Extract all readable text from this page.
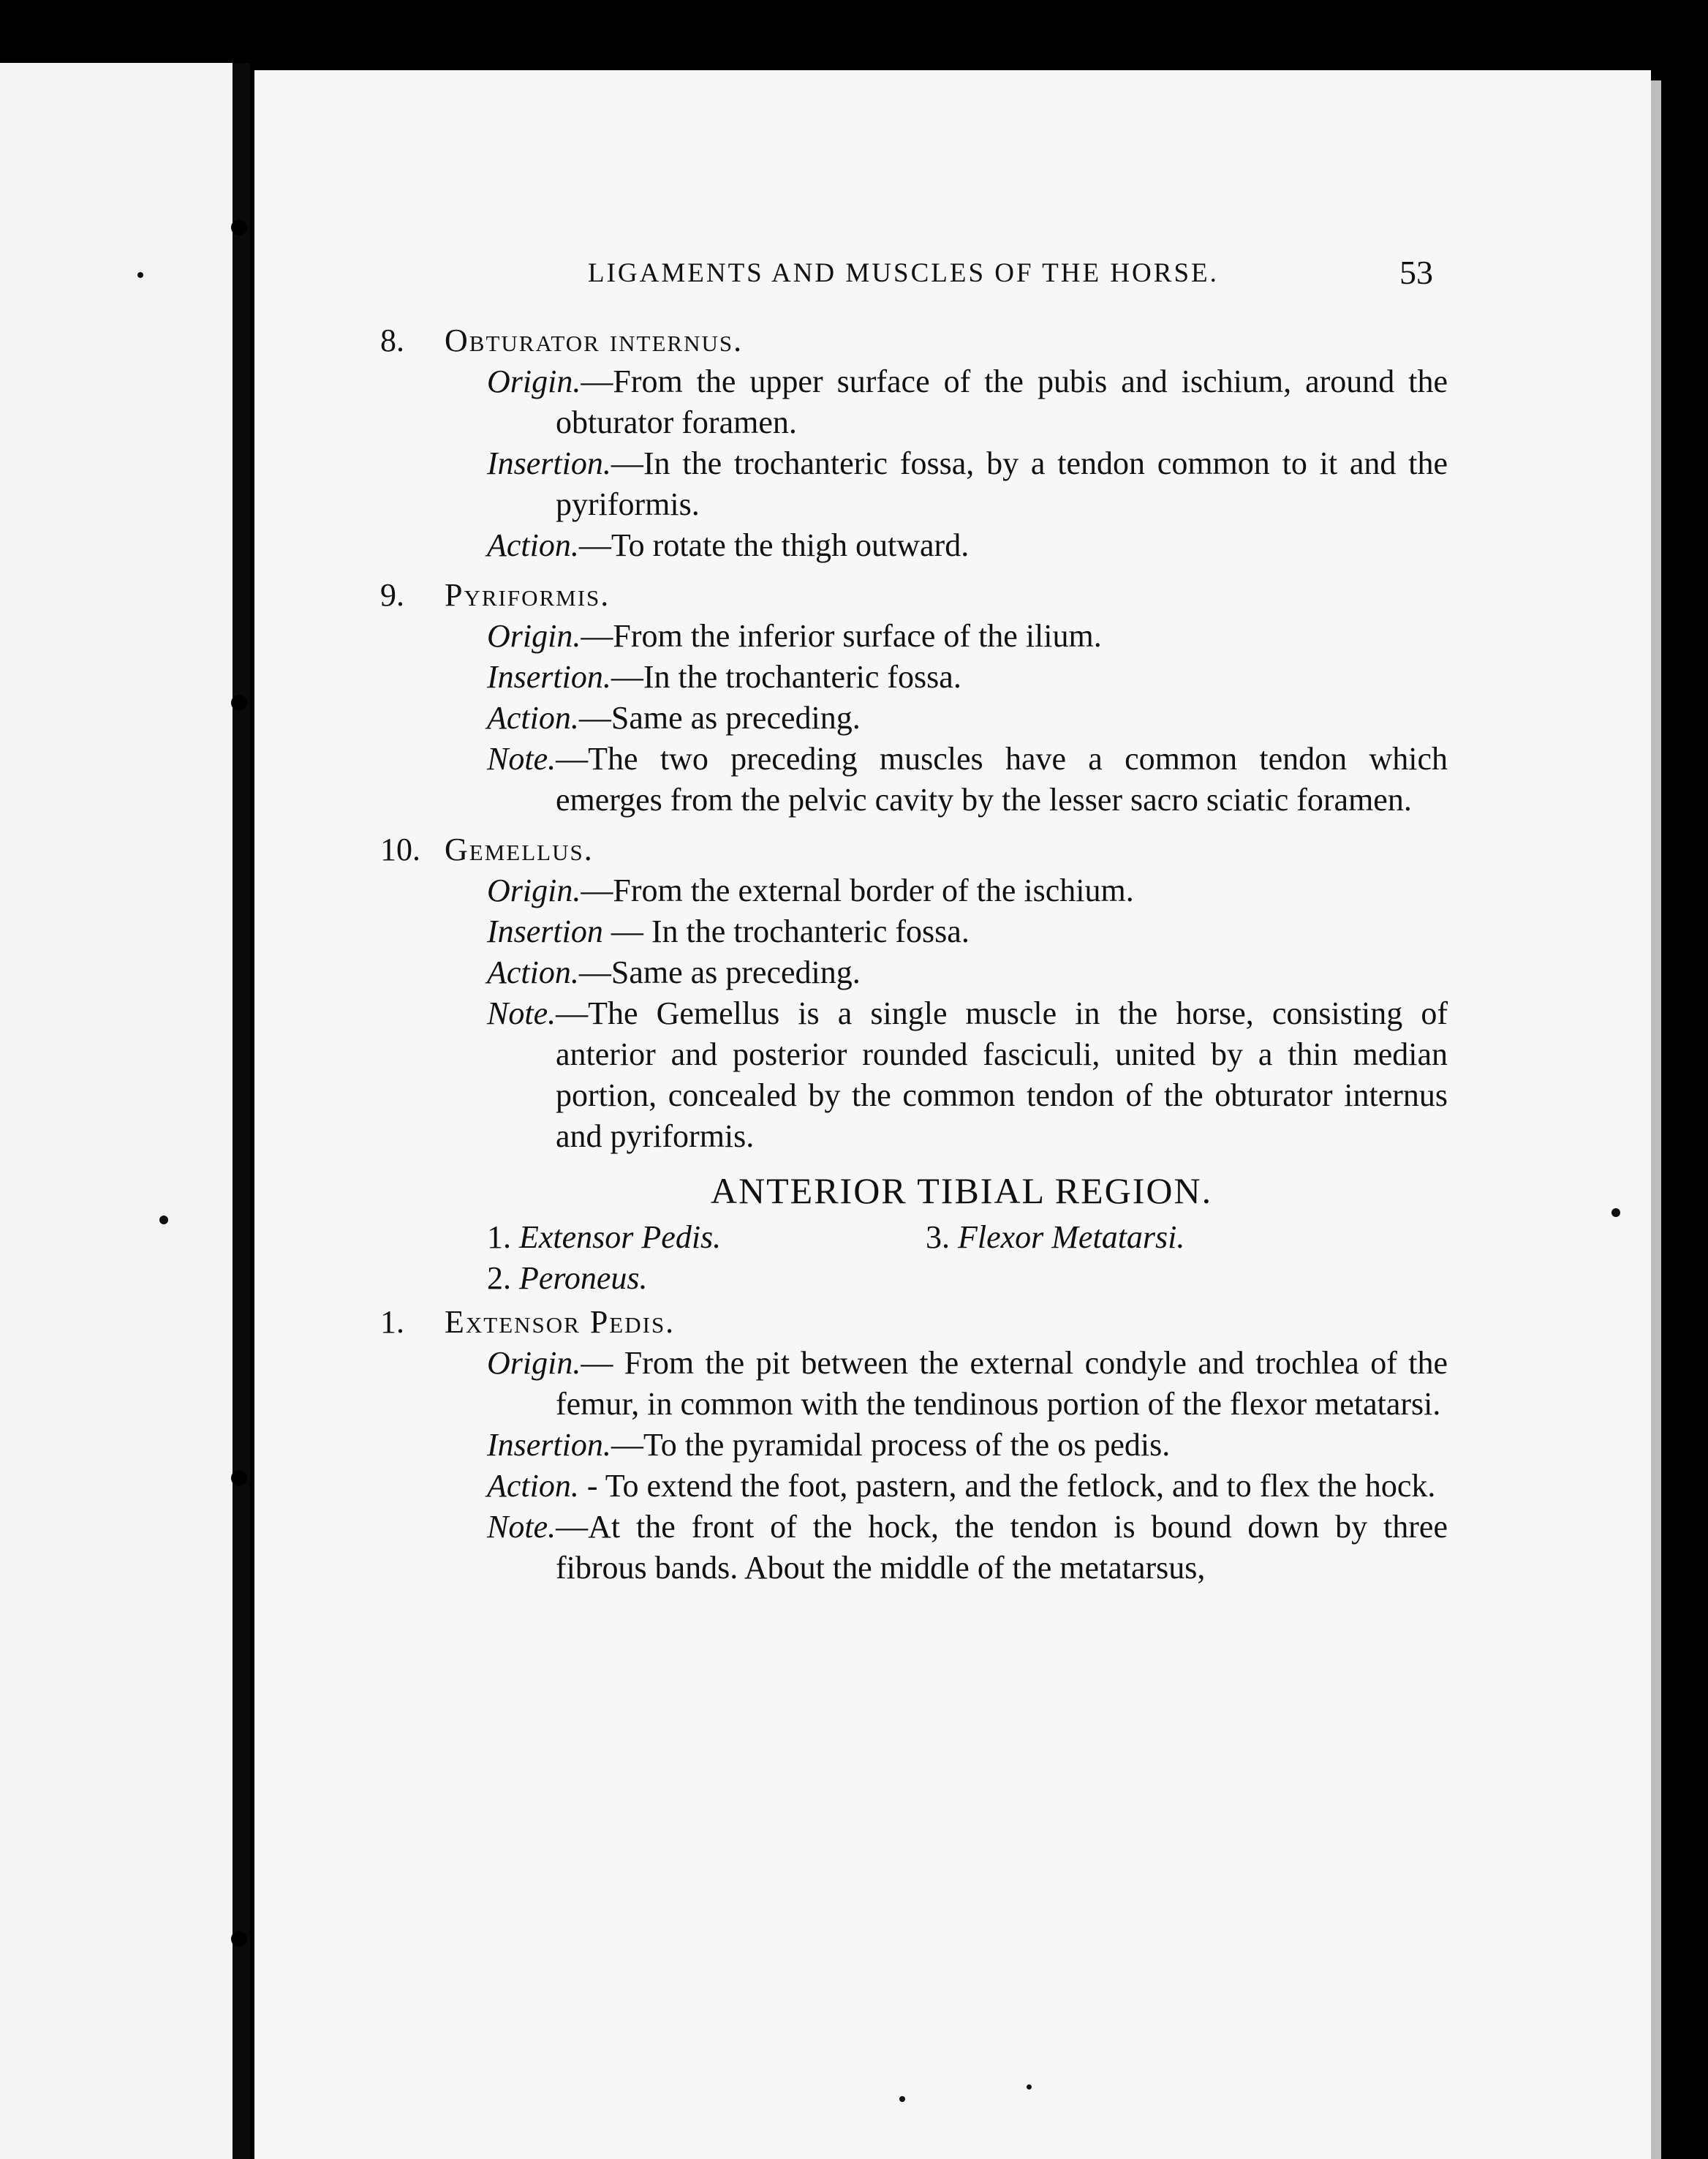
LIGAMENTS AND MUSCLES OF THE HORSE.	53
8. Obturator internus.
Origin.—From the upper surface of the pubis and ischium, around the obturator foramen.
Insertion.—In the trochanteric fossa, by a tendon common to it and the pyriformis.
Action.—To rotate the thigh outward.
9. Pyriformis.
Origin.—From the inferior surface of the ilium.
Insertion.—In the trochanteric fossa.
Action.—Same as preceding.
Note.—The two preceding muscles have a common tendon which emerges from the pelvic cavity by the lesser sacro sciatic foramen.
10. Gemellus.
Origin.—From the external border of the ischium.
Insertion — In the trochanteric fossa.
Action.—Same as preceding.
Note.—The Gemellus is a single muscle in the horse, consisting of anterior and posterior rounded fasciculi, united by a thin median portion, concealed by the common tendon of the obturator internus and pyriformis.
ANTERIOR TIBIAL REGION.
1. Extensor Pedis.	3. Flexor Metatarsi.
2. Peroneus.
1. Extensor Pedis.
Origin.— From the pit between the external condyle and trochlea of the femur, in common with the tendinous portion of the flexor metatarsi.
Insertion.—To the pyramidal process of the os pedis.
Action. - To extend the foot, pastern, and the fetlock, and to flex the hock.
Note.—At the front of the hock, the tendon is bound down by three fibrous bands. About the middle of the metatarsus,
